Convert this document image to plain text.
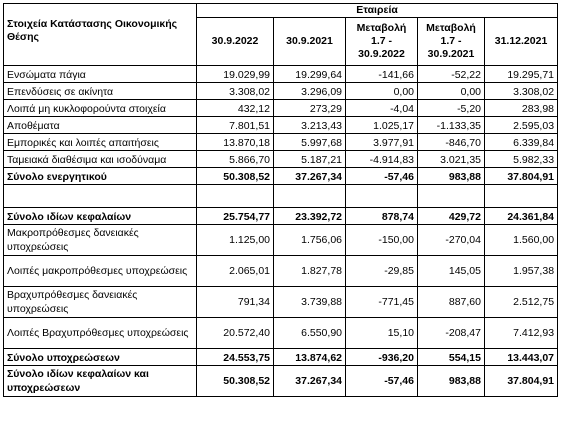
Στοιχεία Κατάστασης Οικονομικής Θέσης	Εταιρεία				
	30.9.2022	30.9.2021	Μεταβολή 1.7 - 30.9.2022	Μεταβολή 1.7 - 30.9.2021	31.12.2021
Ενσώματα πάγια	19.029,99	19.299,64	-141,66	-52,22	19.295,71
Επενδύσεις σε ακίνητα	3.308,02	3.296,09	0,00	0,00	3.308,02
Λοιπά μη κυκλοφορούντα στοιχεία	432,12	273,29	-4,04	-5,20	283,98
Αποθέματα	7.801,51	3.213,43	1.025,17	-1.133,35	2.595,03
Εμπορικές και λοιπές απαιτήσεις	13.870,18	5.997,68	3.977,91	-846,70	6.339,84
Ταμειακά διαθέσιμα και ισοδύναμα	5.866,70	5.187,21	-4.914,83	3.021,35	5.982,33
Σύνολο ενεργητικού	50.308,52	37.267,34	-57,46	983,88	37.804,91

Σύνολο ιδίων κεφαλαίων	25.754,77	23.392,72	878,74	429,72	24.361,84
Μακροπρόθεσμες δανειακές υποχρεώσεις	1.125,00	1.756,06	-150,00	-270,04	1.560,00
Λοιπές μακροπρόθεσμες υποχρεώσεις	2.065,01	1.827,78	-29,85	145,05	1.957,38
Βραχυπρόθεσμες δανειακές υποχρεώσεις	791,34	3.739,88	-771,45	887,60	2.512,75
Λοιπές Βραχυπρόθεσμες υποχρεώσεις	20.572,40	6.550,90	15,10	-208,47	7.412,93
Σύνολο υποχρεώσεων	24.553,75	13.874,62	-936,20	554,15	13.443,07
Σύνολο ιδίων κεφαλαίων και υποχρεώσεων	50.308,52	37.267,34	-57,46	983,88	37.804,91
